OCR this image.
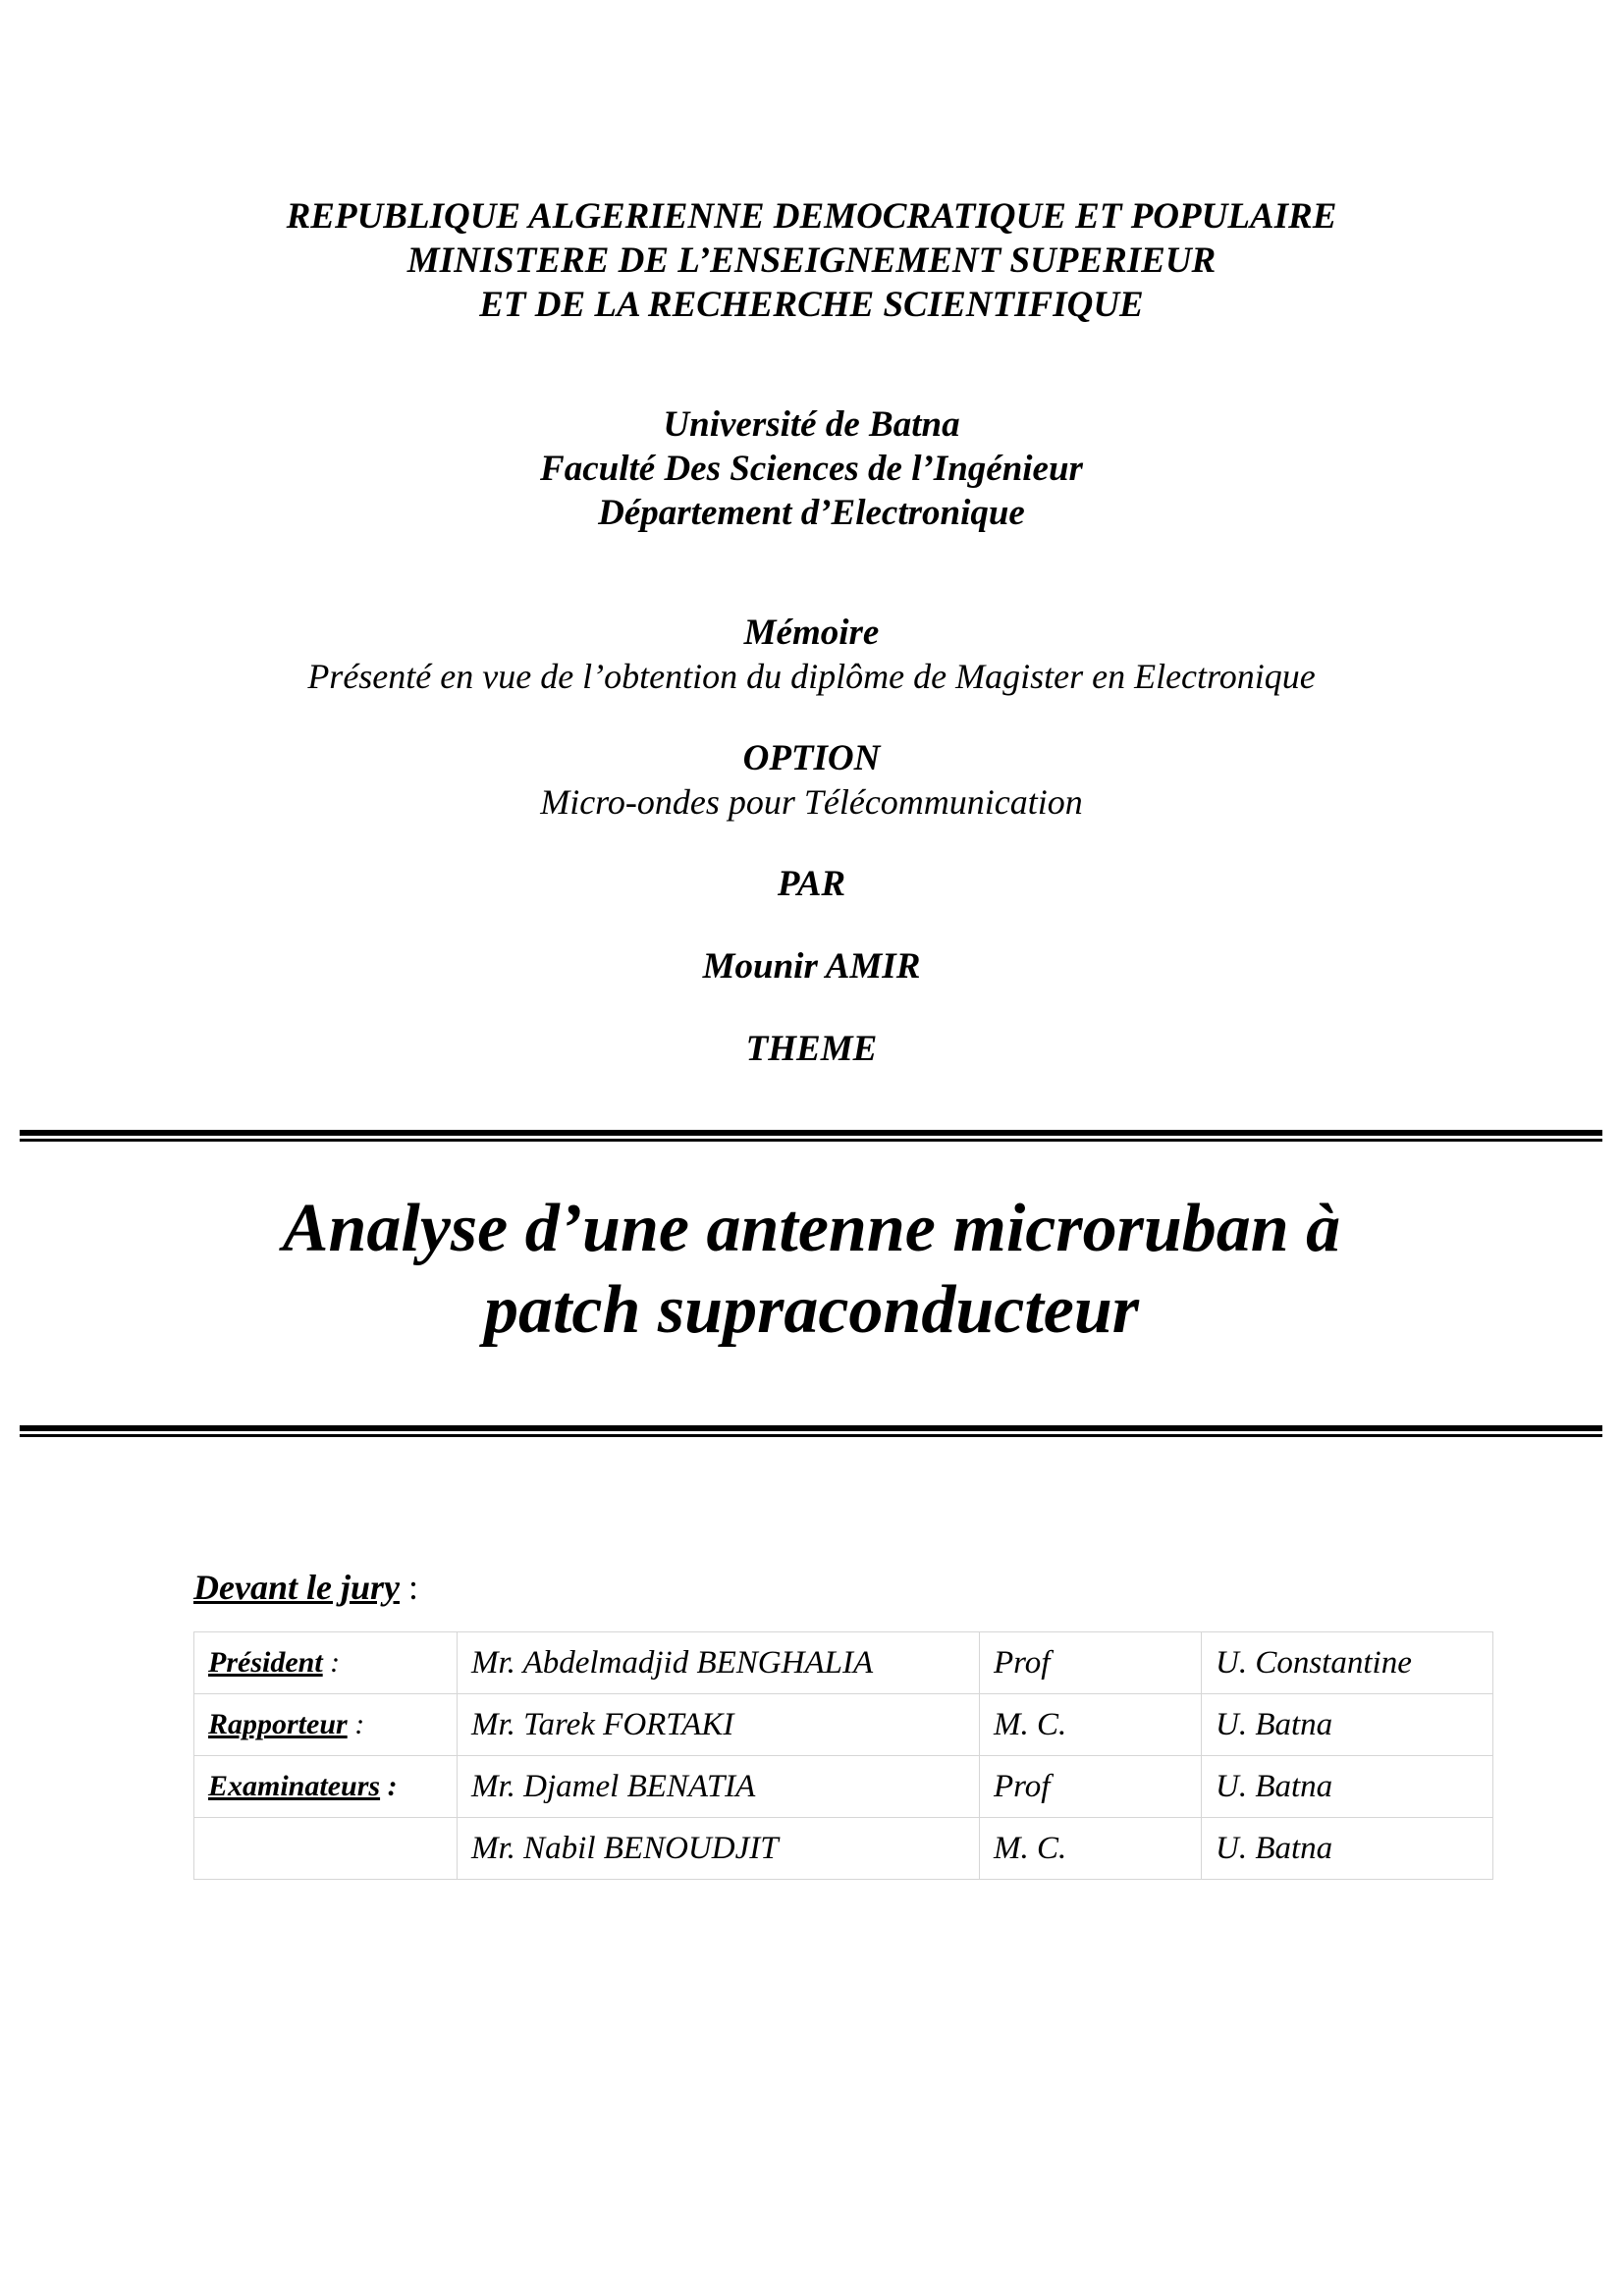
REPUBLIQUE ALGERIENNE DEMOCRATIQUE ET POPULAIRE
MINISTERE DE L’ENSEIGNEMENT SUPERIEUR
ET DE LA RECHERCHE SCIENTIFIQUE
Université de Batna
Faculté Des Sciences de l’Ingénieur
Département d’Electronique
Mémoire
Présenté en vue de l’obtention du diplôme de Magister en Electronique
OPTION
Micro-ondes pour Télécommunication
PAR
Mounir AMIR
THEME
Analyse d’une antenne microruban à
patch supraconducteur
Devant le jury :
Président :	Mr. Abdelmadjid BENGHALIA	Prof	U. Constantine
Rapporteur :	Mr. Tarek FORTAKI	M. C.	U. Batna
Examinateurs :	Mr. Djamel BENATIA	Prof	U. Batna
	Mr. Nabil BENOUDJIT	M. C.	U. Batna
